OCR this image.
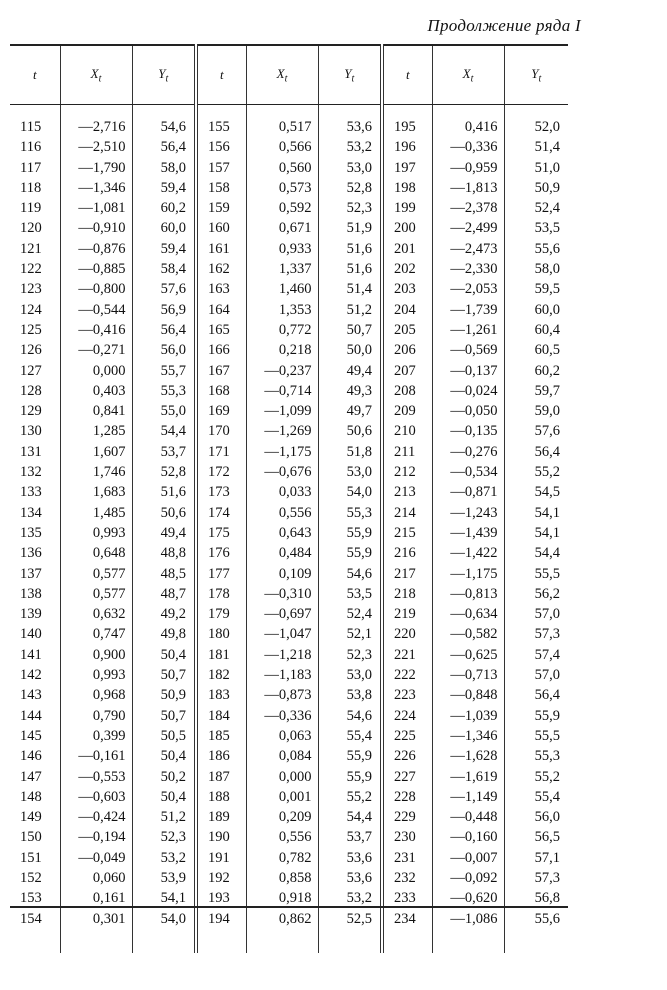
Продолжение ряда I
t	$X_t$	$Y_t$	t	$X_t$	$Y_t$	t	$X_t$	$Y_t$

115	—2,716	54,6	155	0,517	53,6	195	0,416	52,0
116	—2,510	56,4	156	0,566	53,2	196	—0,336	51,4
117	—1,790	58,0	157	0,560	53,0	197	—0,959	51,0
118	—1,346	59,4	158	0,573	52,8	198	—1,813	50,9
119	—1,081	60,2	159	0,592	52,3	199	—2,378	52,4
120	—0,910	60,0	160	0,671	51,9	200	—2,499	53,5
121	—0,876	59,4	161	0,933	51,6	201	—2,473	55,6
122	—0,885	58,4	162	1,337	51,6	202	—2,330	58,0
123	—0,800	57,6	163	1,460	51,4	203	—2,053	59,5
124	—0,544	56,9	164	1,353	51,2	204	—1,739	60,0
125	—0,416	56,4	165	0,772	50,7	205	—1,261	60,4
126	—0,271	56,0	166	0,218	50,0	206	—0,569	60,5
127	0,000	55,7	167	—0,237	49,4	207	—0,137	60,2
128	0,403	55,3	168	—0,714	49,3	208	—0,024	59,7
129	0,841	55,0	169	—1,099	49,7	209	—0,050	59,0
130	1,285	54,4	170	—1,269	50,6	210	—0,135	57,6
131	1,607	53,7	171	—1,175	51,8	211	—0,276	56,4
132	1,746	52,8	172	—0,676	53,0	212	—0,534	55,2
133	1,683	51,6	173	0,033	54,0	213	—0,871	54,5
134	1,485	50,6	174	0,556	55,3	214	—1,243	54,1
135	0,993	49,4	175	0,643	55,9	215	—1,439	54,1
136	0,648	48,8	176	0,484	55,9	216	—1,422	54,4
137	0,577	48,5	177	0,109	54,6	217	—1,175	55,5
138	0,577	48,7	178	—0,310	53,5	218	—0,813	56,2
139	0,632	49,2	179	—0,697	52,4	219	—0,634	57,0
140	0,747	49,8	180	—1,047	52,1	220	—0,582	57,3
141	0,900	50,4	181	—1,218	52,3	221	—0,625	57,4
142	0,993	50,7	182	—1,183	53,0	222	—0,713	57,0
143	0,968	50,9	183	—0,873	53,8	223	—0,848	56,4
144	0,790	50,7	184	—0,336	54,6	224	—1,039	55,9
145	0,399	50,5	185	0,063	55,4	225	—1,346	55,5
146	—0,161	50,4	186	0,084	55,9	226	—1,628	55,3
147	—0,553	50,2	187	0,000	55,9	227	—1,619	55,2
148	—0,603	50,4	188	0,001	55,2	228	—1,149	55,4
149	—0,424	51,2	189	0,209	54,4	229	—0,448	56,0
150	—0,194	52,3	190	0,556	53,7	230	—0,160	56,5
151	—0,049	53,2	191	0,782	53,6	231	—0,007	57,1
152	0,060	53,9	192	0,858	53,6	232	—0,092	57,3
153	0,161	54,1	193	0,918	53,2	233	—0,620	56,8
154	0,301	54,0	194	0,862	52,5	234	—1,086	55,6
